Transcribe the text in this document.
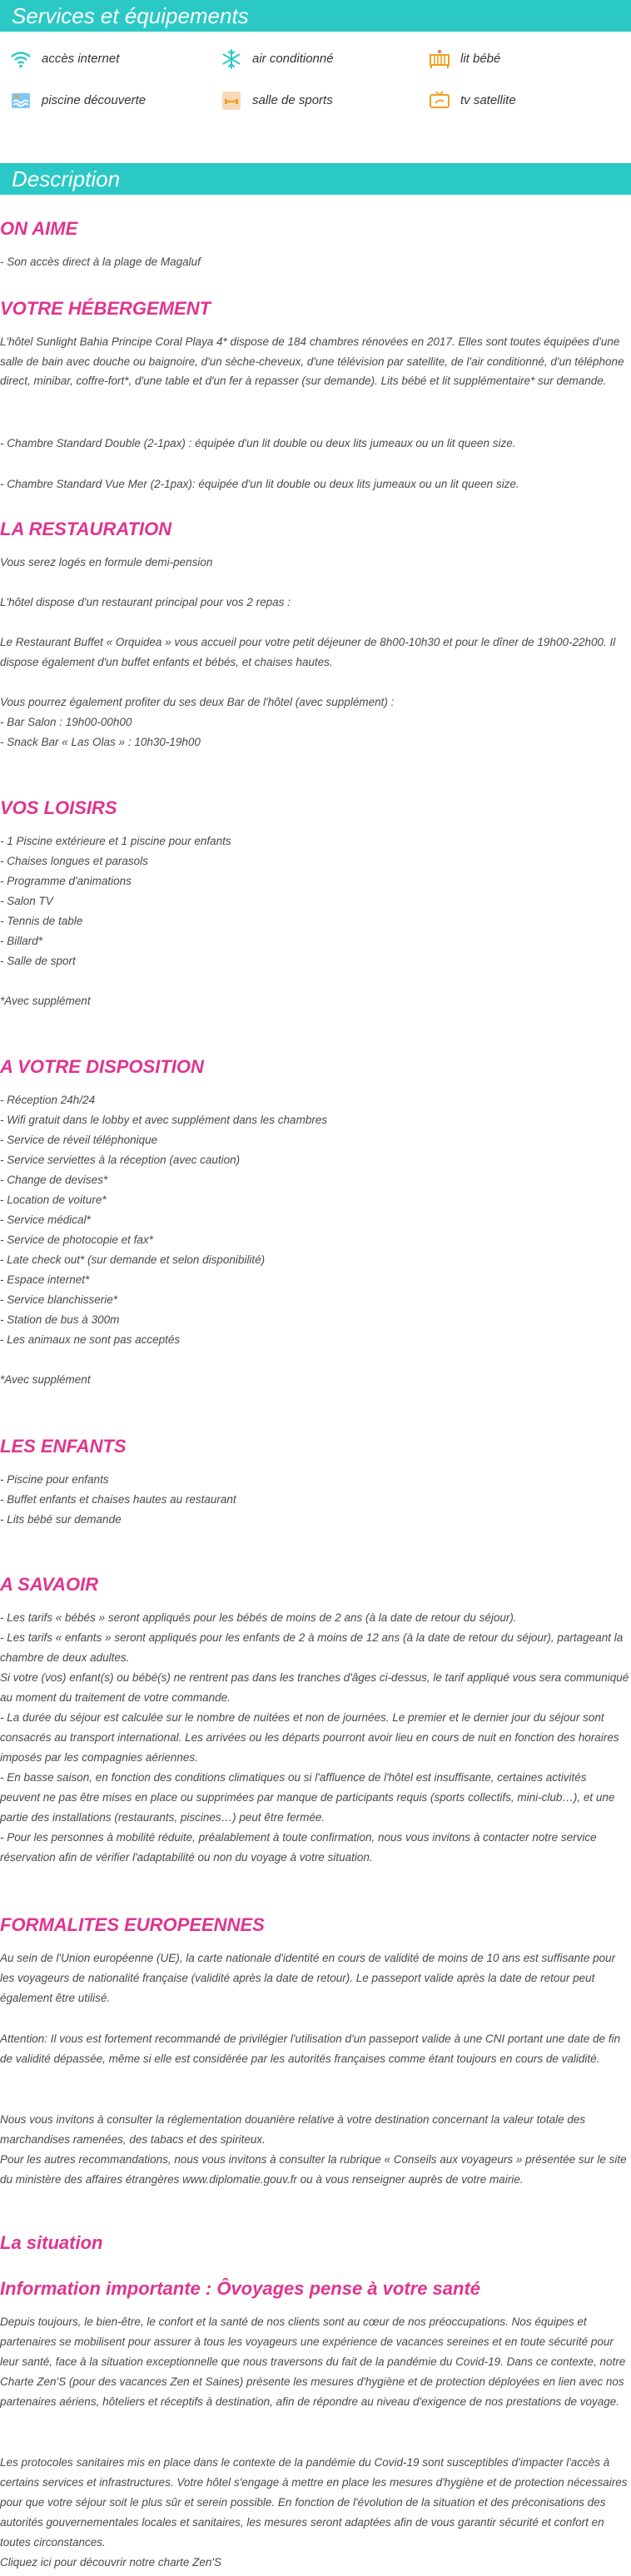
Services et équipements
accès internet	air conditionné	lit bébé
piscine découverte	salle de sports	tv satellite
Description
ON AIME
- Son accès direct à la plage de Magaluf
VOTRE HÉBERGEMENT
L'hôtel Sunlight Bahia Principe Coral Playa 4* dispose de 184 chambres rénovées en 2017. Elles sont toutes équipées d'une salle de bain avec douche ou baignoire, d'un sèche-cheveux, d'une télévision par satellite, de l'air conditionné, d'un téléphone direct, minibar, coffre-fort*, d'une table et d'un fer à repasser (sur demande). Lits bébé et lit supplémentaire* sur demande.
- Chambre Standard Double (2-1pax) : équipée d'un lit double ou deux lits jumeaux ou un lit queen size.
- Chambre Standard Vue Mer (2-1pax): équipée d'un lit double ou deux lits jumeaux ou un lit queen size.
LA RESTAURATION
Vous serez logés en formule demi-pension

L'hôtel dispose d'un restaurant principal pour vos 2 repas :

Le Restaurant Buffet « Orquidea » vous accueil pour votre petit déjeuner de 8h00-10h30 et pour le dîner de 19h00-22h00. Il dispose également d'un buffet enfants et bébés, et chaises hautes.

Vous pourrez également profiter du ses deux Bar de l'hôtel (avec supplément) :
- Bar Salon : 19h00-00h00
- Snack Bar « Las Olas » : 10h30-19h00
VOS LOISIRS
- 1 Piscine extérieure et 1 piscine pour enfants
- Chaises longues et parasols
- Programme d'animations
- Salon TV
- Tennis de table
- Billard*
- Salle de sport

*Avec supplément
A VOTRE DISPOSITION
- Réception 24h/24
- Wifi gratuit dans le lobby et avec supplément dans les chambres
- Service de réveil téléphonique
- Service serviettes à la réception (avec caution)
- Change de devises*
- Location de voiture*
- Service médical*
- Service de photocopie et fax*
- Late check out* (sur demande et selon disponibilité)
- Espace internet*
- Service blanchisserie*
- Station de bus à 300m
- Les animaux ne sont pas acceptés

*Avec supplément
LES ENFANTS
- Piscine pour enfants
- Buffet enfants et chaises hautes au restaurant
- Lits bébé sur demande
A SAVAOIR
- Les tarifs « bébés » seront appliqués pour les bébés de moins de 2 ans (à la date de retour du séjour).
- Les tarifs « enfants » seront appliqués pour les enfants de 2 à moins de 12 ans (à la date de retour du séjour), partageant la chambre de deux adultes.
Si votre (vos) enfant(s) ou bébé(s) ne rentrent pas dans les tranches d'âges ci-dessus, le tarif appliqué vous sera communiqué au moment du traitement de votre commande.
- La durée du séjour est calculée sur le nombre de nuitées et non de journées. Le premier et le dernier jour du séjour sont consacrés au transport international. Les arrivées ou les départs pourront avoir lieu en cours de nuit en fonction des horaires imposés par les compagnies aériennes.
- En basse saison, en fonction des conditions climatiques ou si l'affluence de l'hôtel est insuffisante, certaines activités peuvent ne pas être mises en place ou supprimées par manque de participants requis (sports collectifs, mini-club…), et une partie des installations (restaurants, piscines…) peut être fermée.
- Pour les personnes à mobilité réduite, préalablement à toute confirmation, nous vous invitons à contacter notre service réservation afin de vérifier l'adaptabilité ou non du voyage à votre situation.
FORMALITES EUROPEENNES
Au sein de l'Union européenne (UE), la carte nationale d'identité en cours de validité de moins de 10 ans est suffisante pour les voyageurs de nationalité française (validité après la date de retour). Le passeport valide après la date de retour peut également être utilisé.
Attention: Il vous est fortement recommandé de privilégier l'utilisation d'un passeport valide à une CNI portant une date de fin de validité dépassée, même si elle est considérée par les autorités françaises comme étant toujours en cours de validité.
Nous vous invitons à consulter la réglementation douanière relative à votre destination concernant la valeur totale des marchandises ramenées, des tabacs et des spiriteux.
Pour les autres recommandations, nous vous invitons à consulter la rubrique « Conseils aux voyageurs » présentée sur le site du ministère des affaires étrangères www.diplomatie.gouv.fr ou à vous renseigner auprès de votre mairie.
La situation
Information importante : Ôvoyages pense à votre santé
Depuis toujours, le bien-être, le confort et la santé de nos clients sont au cœur de nos préoccupations. Nos équipes et partenaires se mobilisent pour assurer à tous les voyageurs une expérience de vacances sereines et en toute sécurité pour leur santé, face à la situation exceptionnelle que nous traversons du fait de la pandémie du Covid-19. Dans ce contexte, notre Charte Zen'S (pour des vacances Zen et Saines) présente les mesures d'hygiène et de protection déployées en lien avec nos partenaires aériens, hôteliers et réceptifs à destination, afin de répondre au niveau d'exigence de nos prestations de voyage.
Les protocoles sanitaires mis en place dans le contexte de la pandémie du Covid-19 sont susceptibles d'impacter l'accès à certains services et infrastructures. Votre hôtel s'engage à mettre en place les mesures d'hygiène et de protection nécessaires pour que votre séjour soit le plus sûr et serein possible. En fonction de l'évolution de la situation et des préconisations des autorités gouvernementales locales et sanitaires, les mesures seront adaptées afin de vous garantir sécurité et confort en toutes circonstances.
Cliquez ici pour découvrir notre charte Zen'S
